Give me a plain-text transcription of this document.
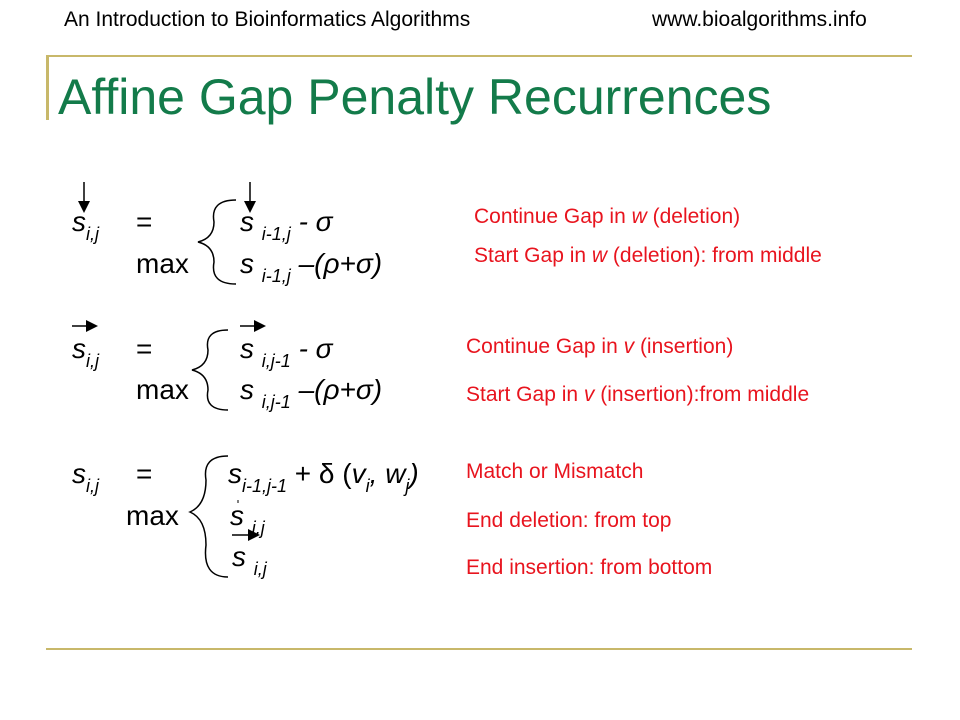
An Introduction to Bioinformatics Algorithms	www.bioalgorithms.info
Affine Gap Penalty Recurrences
$s_{i,j}$ =
max
s $_{i-1,j}$ - σ
s $_{i-1,j}$ –(ρ+σ)
Continue Gap in w (deletion)
Start Gap in w (deletion): from middle
$s_{i,j}$ =
max
s $_{i,j-1}$ - σ
s $_{i,j-1}$ –(ρ+σ)
Continue Gap in v (insertion)
Start Gap in v (insertion):from middle
$s_{i,j}$ =
max
$s_{i-1,j-1} + \delta$ ($v_i$, $w_j$)
s $_{i,j}$
s $_{i,j}$
Match or Mismatch
End deletion: from top
End insertion: from bottom
